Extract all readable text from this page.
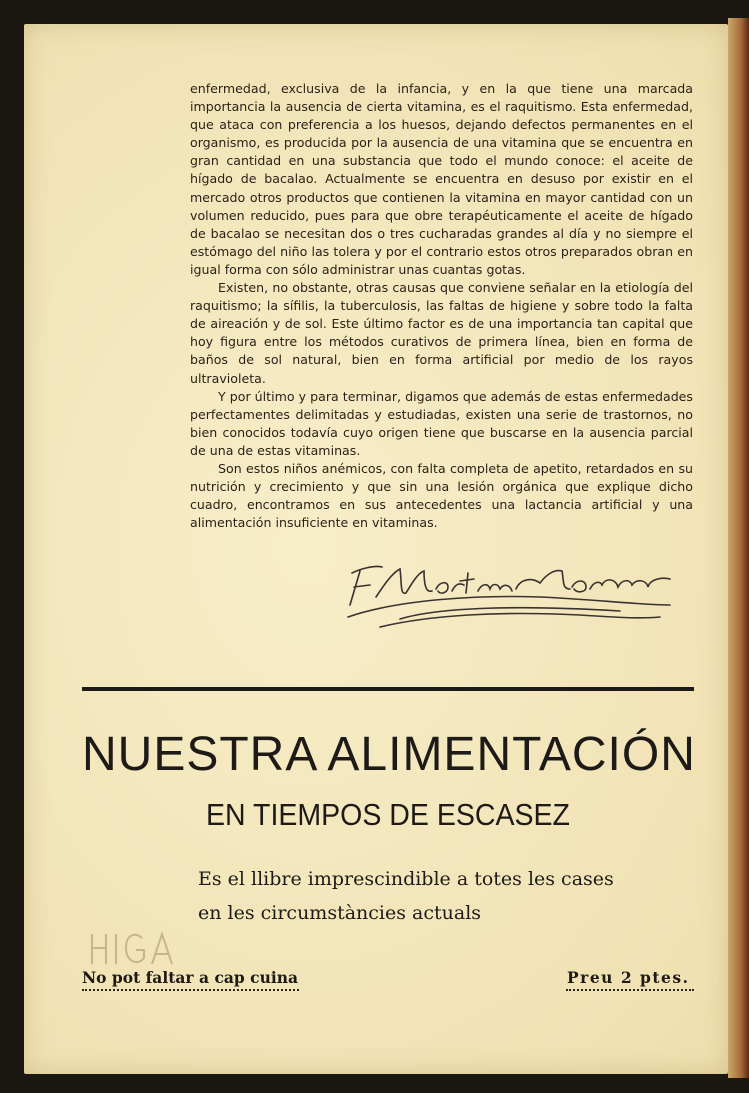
enfermedad, exclusiva de la infancia, y en la que tiene una marcada importancia la ausencia de cierta vitamina, es el raquitismo. Esta enfermedad, que ataca con preferencia a los huesos, dejando defectos permanentes en el organismo, es producida por la ausencia de una vitamina que se encuentra en gran cantidad en una substancia que todo el mundo conoce: el aceite de hígado de bacalao. Actualmente se encuentra en desuso por existir en el mercado otros productos que contienen la vitamina en mayor cantidad con un volumen reducido, pues para que obre terapéuticamente el aceite de hígado de bacalao se necesitan dos o tres cucharadas grandes al día y no siempre el estómago del niño las tolera y por el contrario estos otros preparados obran en igual forma con sólo administrar unas cuantas gotas.

Existen, no obstante, otras causas que conviene señalar en la etiología del raquitismo; la sífilis, la tuberculosis, las faltas de higiene y sobre todo la falta de aireación y de sol. Este último factor es de una importancia tan capital que hoy figura entre los métodos curativos de primera línea, bien en forma de baños de sol natural, bien en forma artificial por medio de los rayos ultravioleta.

Y por último y para terminar, digamos que además de estas enfermedades perfectamentes delimitadas y estudiadas, existen una serie de trastornos, no bien conocidos todavía cuyo origen tiene que buscarse en la ausencia parcial de una de estas vitaminas.

Son estos niños anémicos, con falta completa de apetito, retardados en su nutrición y crecimiento y que sin una lesión orgánica que explique dicho cuadro, encontramos en sus antecedentes una lactancia artificial y una alimentación insuficiente en vitaminas.

NUESTRA ALIMENTACIÓN
EN TIEMPOS DE ESCASEZ

Es el llibre imprescindible a totes les cases en les circumstàncies actuals

No pot faltar a cap cuina	Preu 2 ptes.
